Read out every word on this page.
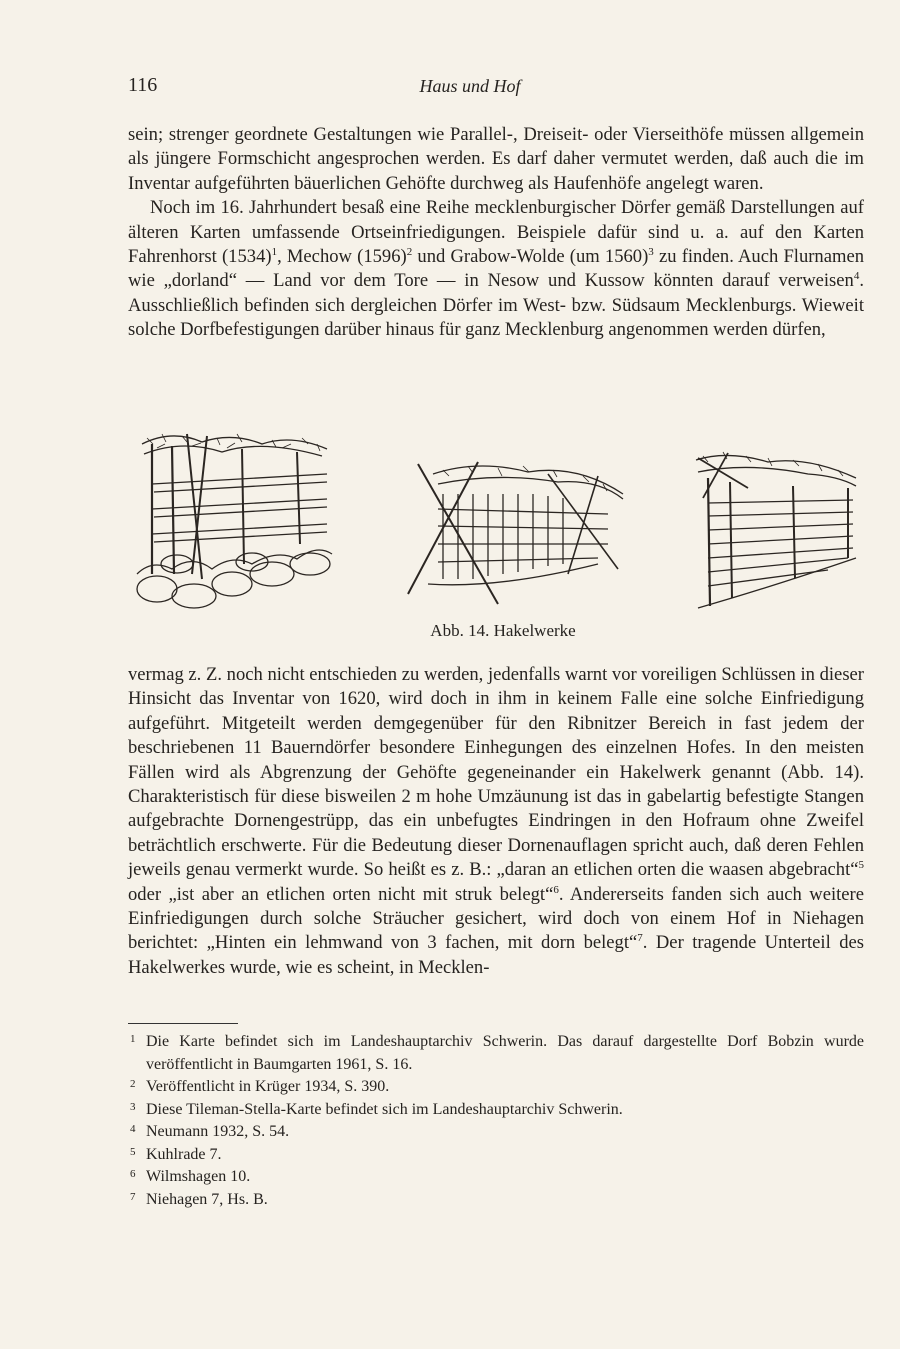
116	Haus und Hof

sein; strenger geordnete Gestaltungen wie Parallel-, Dreiseit- oder Vierseithöfe müssen allgemein als jüngere Formschicht angesprochen werden. Es darf daher vermutet werden, daß auch die im Inventar aufgeführten bäuerlichen Gehöfte durchweg als Haufenhöfe angelegt waren.

Noch im 16. Jahrhundert besaß eine Reihe mecklenburgischer Dörfer gemäß Darstellungen auf älteren Karten umfassende Ortseinfriedigungen. Beispiele dafür sind u. a. auf den Karten Fahrenhorst $(1534)^1$, Mechow $(1596)^2$ und Grabow-Wolde (um 1560)$^3$ zu finden. Auch Flurnamen wie „dorland“ — Land vor dem Tore — in Nesow und Kussow könnten darauf verweisen$^4$. Ausschließlich befinden sich dergleichen Dörfer im West- bzw. Südsaum Mecklenburgs. Wieweit solche Dorfbefestigungen darüber hinaus für ganz Mecklenburg angenommen werden dürfen,

Abb. 14. Hakelwerke

vermag z. Z. noch nicht entschieden zu werden, jedenfalls warnt vor voreiligen Schlüssen in dieser Hinsicht das Inventar von 1620, wird doch in ihm in keinem Falle eine solche Einfriedigung aufgeführt. Mitgeteilt werden demgegenüber für den Ribnitzer Bereich in fast jedem der beschriebenen 11 Bauerndörfer besondere Einhegungen des einzelnen Hofes. In den meisten Fällen wird als Abgrenzung der Gehöfte gegeneinander ein Hakelwerk genannt (Abb. 14). Charakteristisch für diese bisweilen 2 m hohe Umzäunung ist das in gabelartig befestigte Stangen aufgebrachte Dornengestrüpp, das ein unbefugtes Eindringen in den Hofraum ohne Zweifel beträchtlich erschwerte. Für die Bedeutung dieser Dornenauflagen spricht auch, daß deren Fehlen jeweils genau vermerkt wurde. So heißt es z. B.: „daran an etlichen orten die waasen abgebracht“$^5$ oder „ist aber an etlichen orten nicht mit struk belegt“$^6$. Andererseits fanden sich auch weitere Einfriedigungen durch solche Sträucher gesichert, wird doch von einem Hof in Niehagen berichtet: „Hinten ein lehmwand von 3 fachen, mit dorn belegt“$^7$. Der tragende Unterteil des Hakelwerkes wurde, wie es scheint, in Mecklen-

1 Die Karte befindet sich im Landeshauptarchiv Schwerin. Das darauf dargestellte Dorf Bobzin wurde veröffentlicht in Baumgarten 1961, S. 16.
2 Veröffentlicht in Krüger 1934, S. 390.
3 Diese Tileman-Stella-Karte befindet sich im Landeshauptarchiv Schwerin.
4 Neumann 1932, S. 54.
5 Kuhlrade 7.
6 Wilmshagen 10.
7 Niehagen 7, Hs. B.
